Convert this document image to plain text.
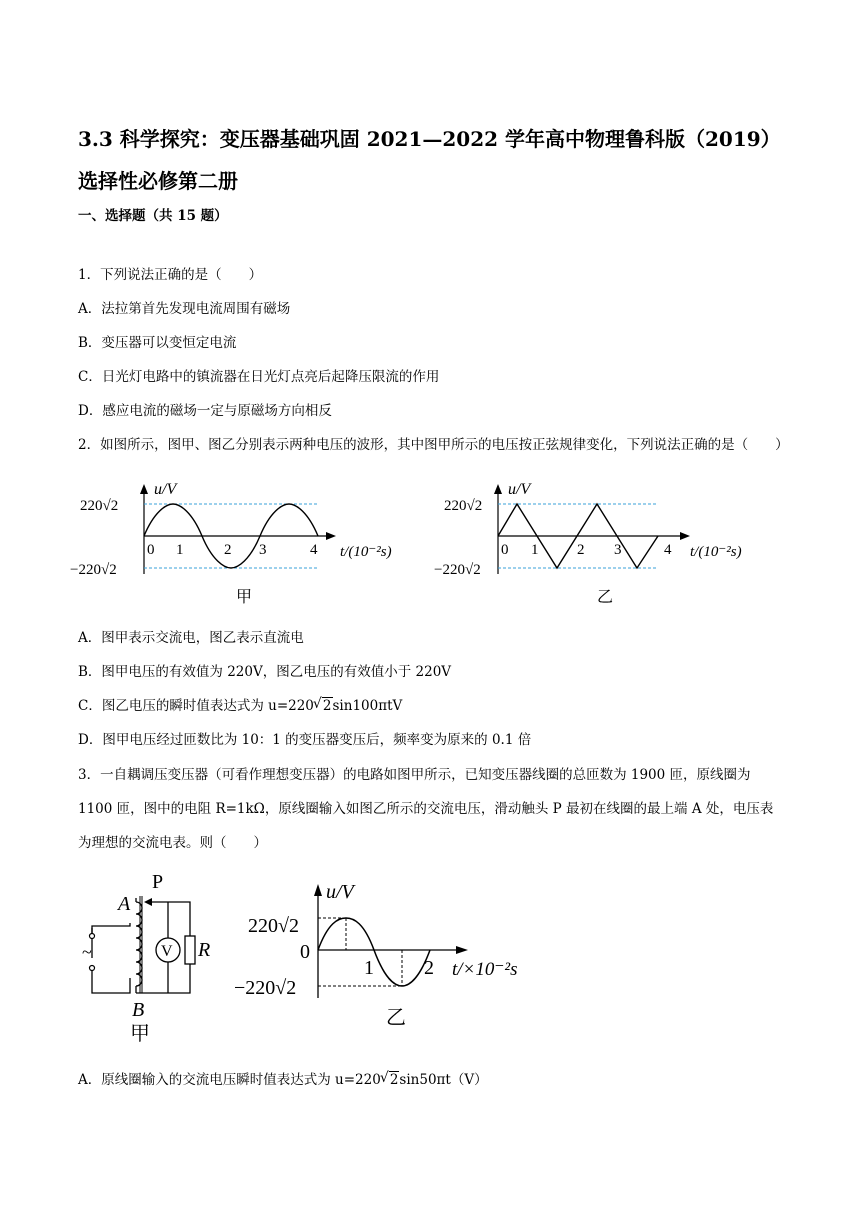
3.3 科学探究：变压器基础巩固 2021—2022 学年高中物理鲁科版（2019）
选择性必修第二册
一、选择题（共 15 题）
1．下列说法正确的是（　　）
A．法拉第首先发现电流周围有磁场
B．变压器可以变恒定电流
C．日光灯电路中的镇流器在日光灯点亮后起降压限流的作用
D．感应电流的磁场一定与原磁场方向相反
2．如图所示，图甲、图乙分别表示两种电压的波形，其中图甲所示的电压按正弦规律变化，下列说法正确的是（　　）
A．图甲表示交流电，图乙表示直流电
B．图甲电压的有效值为 220V，图乙电压的有效值小于 220V
C．图乙电压的瞬时值表达式为 u=220 √ 2sin100πtV
D．图甲电压经过匝数比为 10：1 的变压器变压后，频率变为原来的 0.1 倍
3．一自耦调压变压器（可看作理想变压器）的电路如图甲所示，已知变压器线圈的总匝数为 1900 匝，原线圈为 1100 匝，图中的电阻 R=1kΩ，原线圈输入如图乙所示的交流电压，滑动触头 P 最初在线圈的最上端 A 处，电压表为理想的交流电表。则（　　）
A．原线圈输入的交流电压瞬时值表达式为 u=220 √ 2sin50πt（V）
u/V
220√2
−220√2
0 1	2 3	4 t/(10⁻²s)
甲
u/V
220√2
−220√2
0 1	2 3	4 t/(10⁻²s)
乙
~	V
P
A
R
B
甲
u/V
220√2
0
−220√2
1	2 t/×10⁻²s
乙
